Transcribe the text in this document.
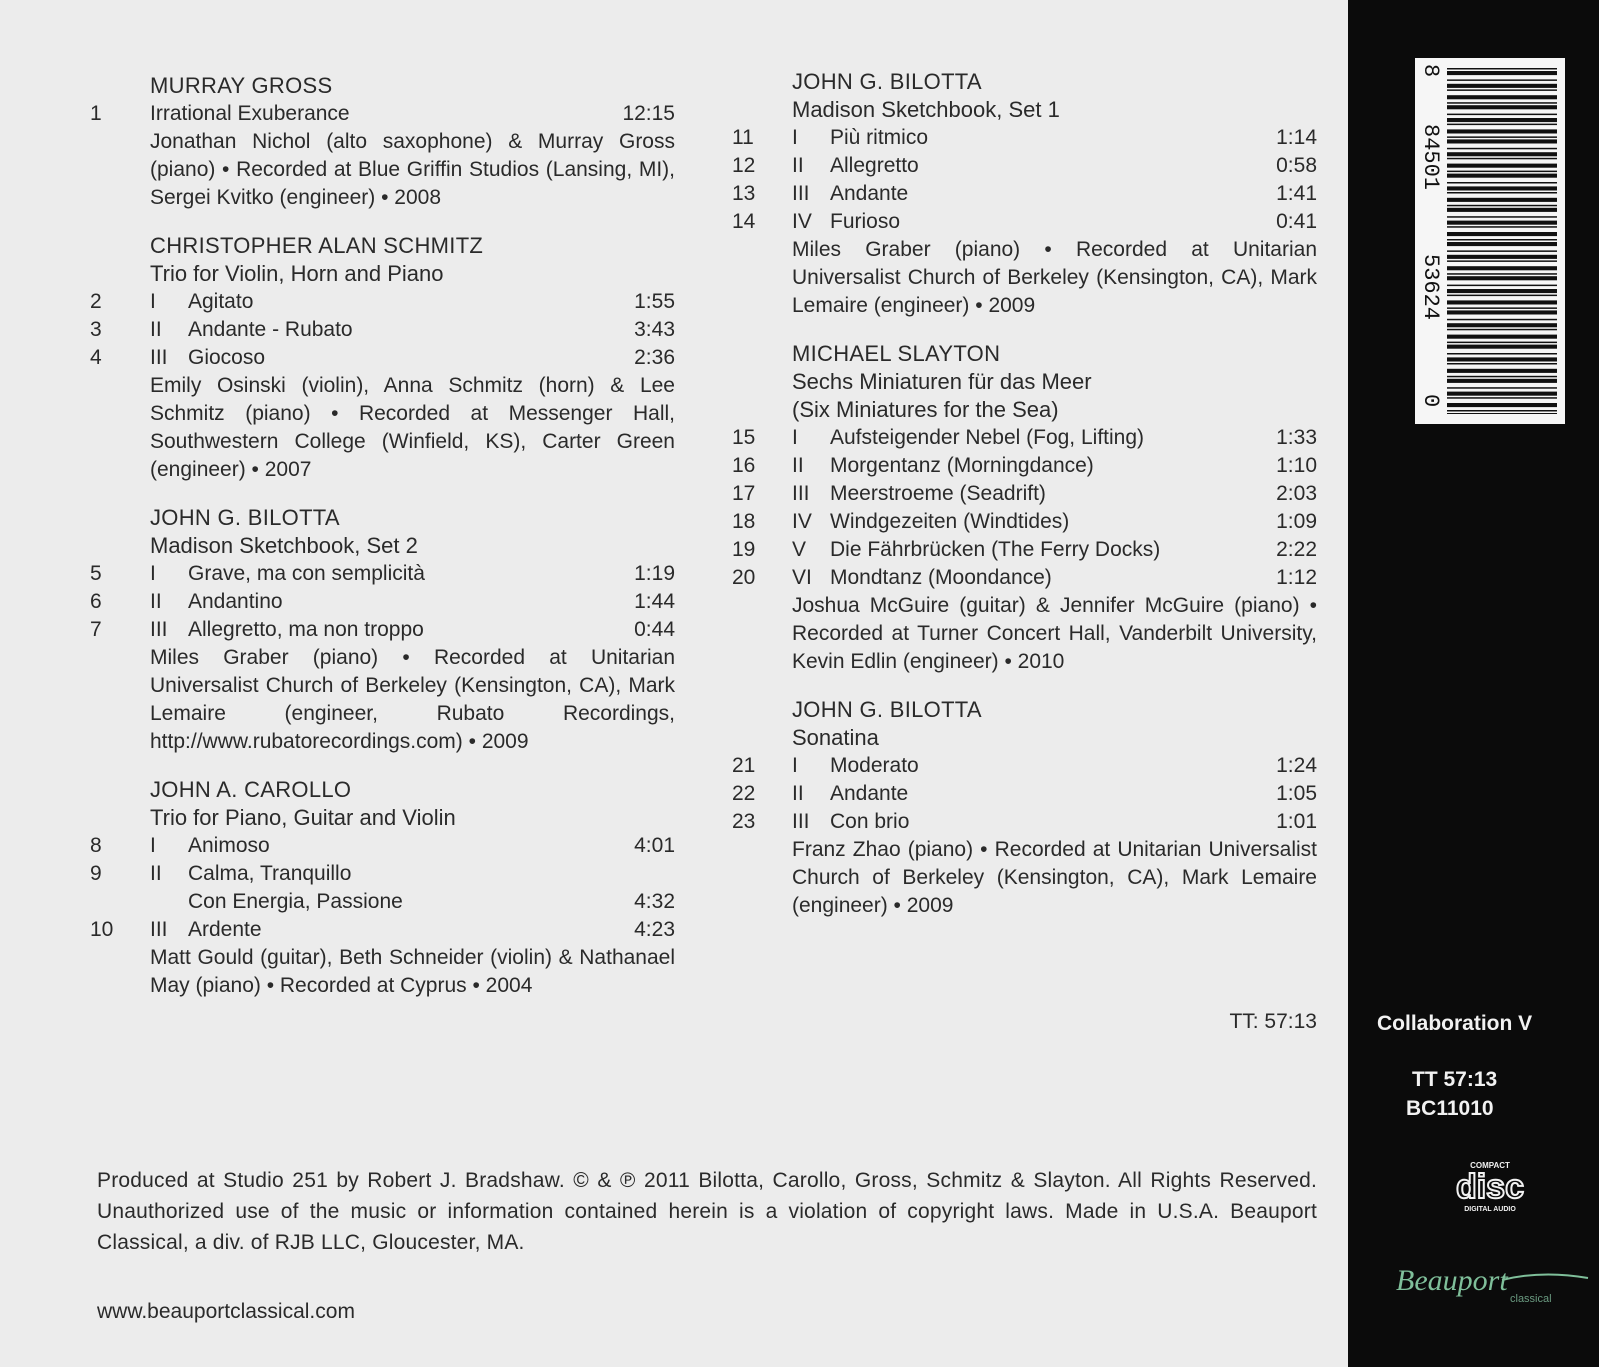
MURRAY GROSS
1	Irrational Exuberance	12:15
Jonathan Nichol (alto saxophone) & Murray Gross (piano) • Recorded at Blue Griffin Studios (Lansing, MI), Sergei Kvitko (engineer) • 2008
CHRISTOPHER ALAN SCHMITZ
Trio for Violin, Horn and Piano
2	I	Agitato	1:55
3	II	Andante - Rubato	3:43
4	III Giocoso	2:36
Emily Osinski (violin), Anna Schmitz (horn) & Lee Schmitz (piano) • Recorded at Messenger Hall, Southwestern College (Winfield, KS), Carter Green (engineer) • 2007
JOHN G. BILOTTA
Madison Sketchbook, Set 2
5	I	Grave, ma con semplicità	1:19
6	II	Andantino	1:44
7	III Allegretto, ma non troppo	0:44
Miles Graber (piano) • Recorded at Unitarian Universalist Church of Berkeley (Kensington, CA), Mark Lemaire (engineer, Rubato Recordings, http://www.rubatorecordings.com) • 2009
JOHN A. CAROLLO
Trio for Piano, Guitar and Violin
8	I	Animoso	4:01
9	II	Calma, Tranquillo
Con Energia, Passione	4:32
10	III Ardente	4:23
Matt Gould (guitar), Beth Schneider (violin) & Nathanael May (piano) • Recorded at Cyprus • 2004
JOHN G. BILOTTA
Madison Sketchbook, Set 1
11	I	Più ritmico	1:14
12	II	Allegretto	0:58
13	III Andante	1:41
14	IV Furioso	0:41
Miles Graber (piano) • Recorded at Unitarian Universalist Church of Berkeley (Kensington, CA), Mark Lemaire (engineer) • 2009
MICHAEL SLAYTON
Sechs Miniaturen für das Meer
(Six Miniatures for the Sea)
15	I	Aufsteigender Nebel (Fog, Lifting)	1:33
16	II	Morgentanz (Morningdance)	1:10
17	III Meerstroeme (Seadrift)	2:03
18	IV Windgezeiten (Windtides)	1:09
19	V	Die Fährbrücken (The Ferry Docks)	2:22
20	VI Mondtanz (Moondance)	1:12
Joshua McGuire (guitar) & Jennifer McGuire (piano) • Recorded at Turner Concert Hall, Vanderbilt University, Kevin Edlin (engineer) • 2010
JOHN G. BILOTTA
Sonatina
21	I	Moderato	1:24
22	II	Andante	1:05
23	III Con brio	1:01
Franz Zhao (piano) • Recorded at Unitarian Universalist Church of Berkeley (Kensington, CA), Mark Lemaire (engineer) • 2009
TT: 57:13
Produced at Studio 251 by Robert J. Bradshaw. © & ℗ 2011 Bilotta, Carollo, Gross, Schmitz & Slayton. All Rights Reserved. Unauthorized use of the music or information contained herein is a violation of copyright laws. Made in U.S.A. Beauport Classical, a div. of RJB LLC, Gloucester, MA.
www.beauportclassical.com
8
84501
53624
0
Collaboration V
TT 57:13
BC11010
COMPACT
disc
DIGITAL AUDIO
Beauport
classical
